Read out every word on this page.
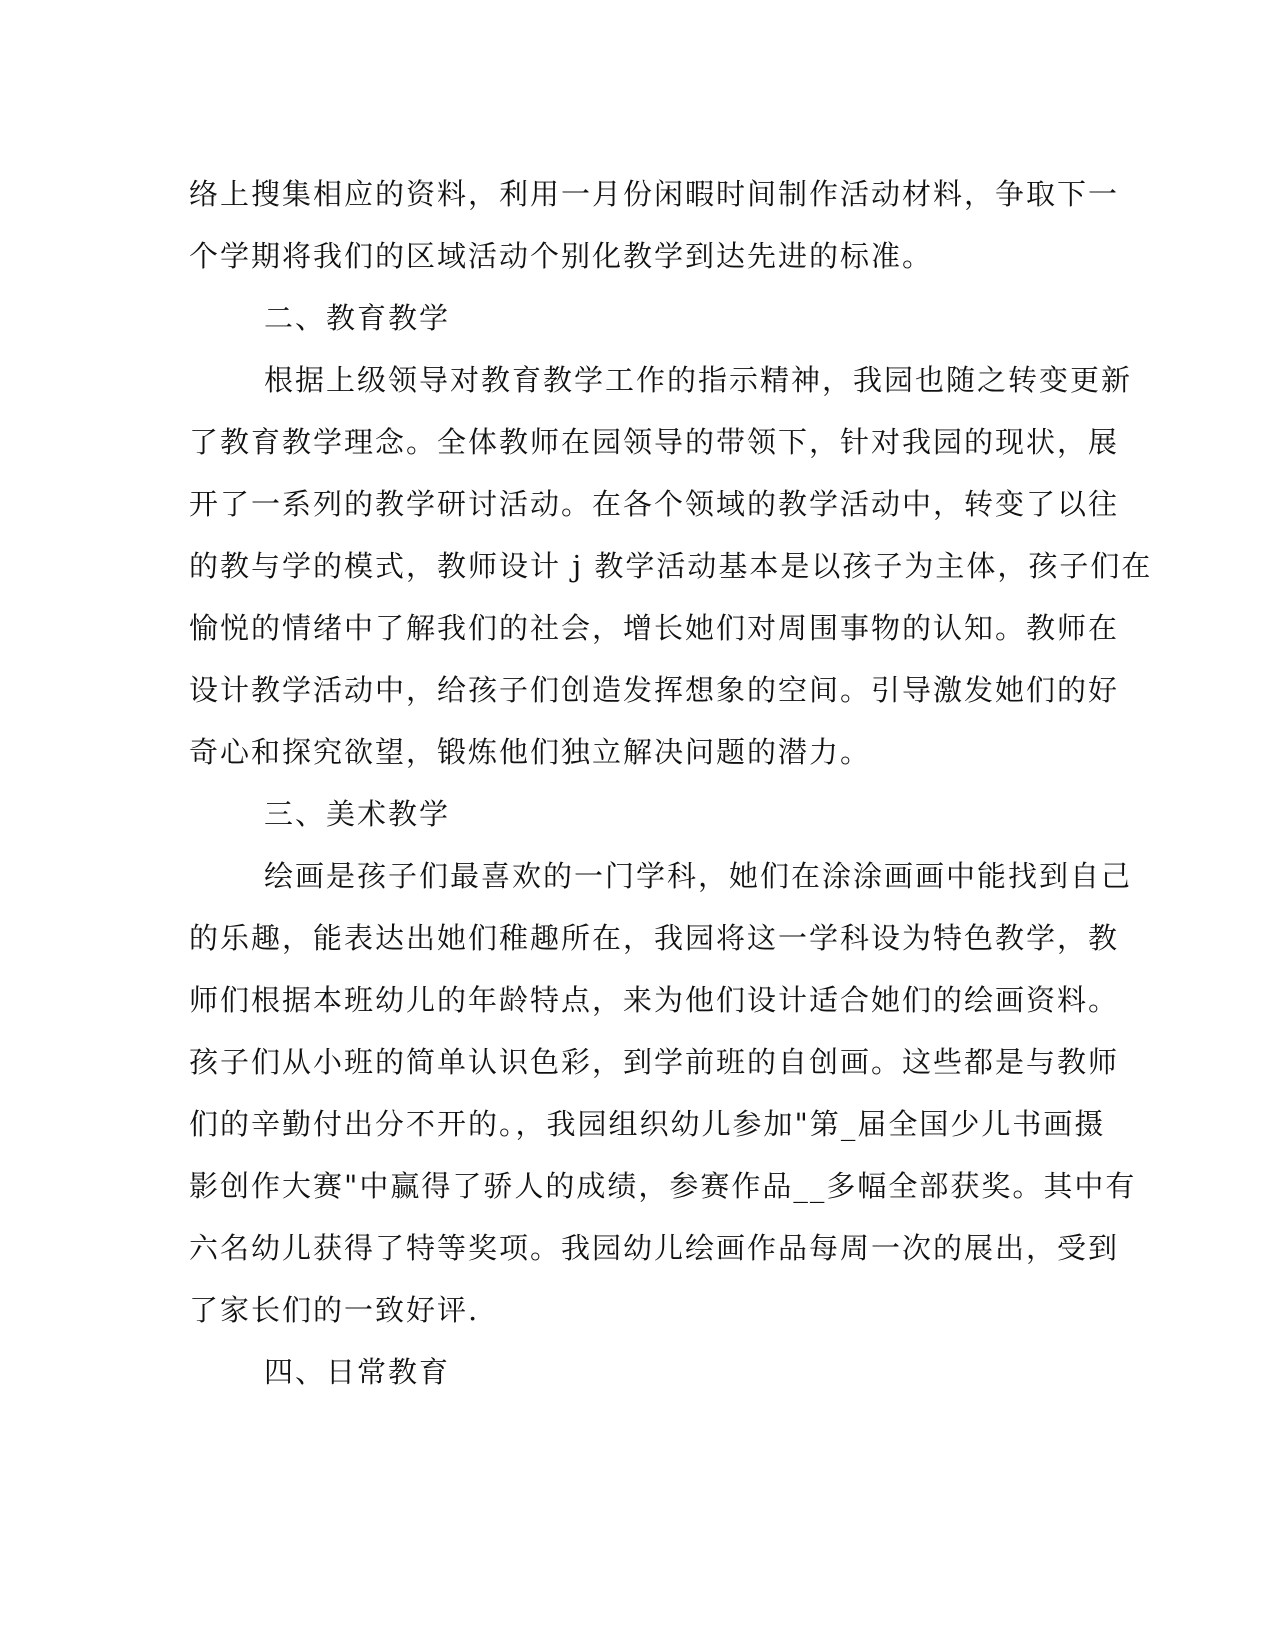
络上搜集相应的资料，利用一月份闲暇时间制作活动材料，争取下一
个学期将我们的区域活动个别化教学到达先进的标准。
二、教育教学
根据上级领导对教育教学工作的指示精神，我园也随之转变更新
了教育教学理念。全体教师在园领导的带领下，针对我园的现状，展
开了一系列的教学研讨活动。在各个领域的教学活动中，转变了以往
的教与学的模式，教师设计 j 教学活动基本是以孩子为主体，孩子们在
愉悦的情绪中了解我们的社会，增长她们对周围事物的认知。教师在
设计教学活动中，给孩子们创造发挥想象的空间。引导激发她们的好
奇心和探究欲望，锻炼他们独立解决问题的潜力。
三、美术教学
绘画是孩子们最喜欢的一门学科，她们在涂涂画画中能找到自己
的乐趣，能表达出她们稚趣所在，我园将这一学科设为特色教学，教
师们根据本班幼儿的年龄特点，来为他们设计适合她们的绘画资料。
孩子们从小班的简单认识色彩，到学前班的自创画。这些都是与教师
们的辛勤付出分不开的。，我园组织幼儿参加"第_届全国少儿书画摄
影创作大赛"中赢得了骄人的成绩，参赛作品__多幅全部获奖。其中有
六名幼儿获得了特等奖项。我园幼儿绘画作品每周一次的展出，受到
了家长们的一致好评.
四、日常教育
